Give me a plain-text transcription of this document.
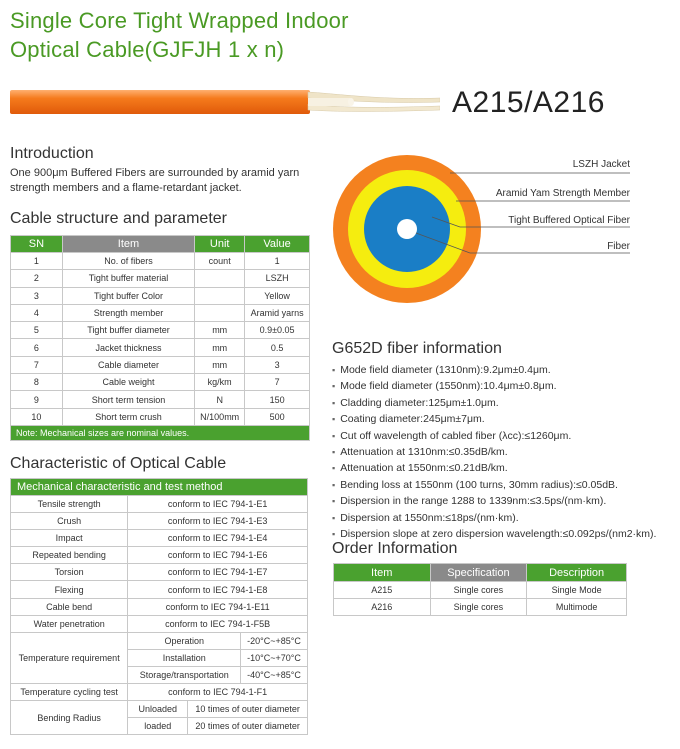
Single Core Tight Wrapped Indoor
Optical Cable(GJFJH 1 x n)
A215/A216
Introduction
One 900μm Buffered Fibers are surrounded by aramid yarn strength members and a flame-retardant jacket.
LSZH Jacket
Aramid Yam Strength Member
Tight Buffered Optical Fiber
Fiber
Cable structure and parameter
SN	Item	Unit	Value
1	No. of fibers	count	1
2	Tight buffer material		LSZH
3	Tight buffer Color		Yellow
4	Strength member		Aramid yarns
5	Tight buffer diameter	mm	0.9±0.05
6	Jacket thickness	mm	0.5
7	Cable diameter	mm	3
8	Cable weight	kg/km	7
9	Short term tension	N	150
10	Short term crush	N/100mm	500
Note: Mechanical sizes are nominal values.			
Characteristic of Optical Cable
Mechanical characteristic and test method			
Tensile strength	conform to IEC 794-1-E1		
Crush	conform to IEC 794-1-E3		
Impact	conform to IEC 794-1-E4		
Repeated bending	conform to IEC 794-1-E6		
Torsion	conform to IEC 794-1-E7		
Flexing	conform to IEC 794-1-E8		
Cable bend	conform to IEC 794-1-E11		
Water penetration	conform to IEC 794-1-F5B		
Temperature requirement	Operation		-20°C~+85°C
	Installation		-10°C~+70°C
	Storage/transportation		-40°C~+85°C
Temperature cycling test	conform to IEC 794-1-F1		
Bending Radius	Unloaded	10 times of outer diameter	
	loaded	20 times of outer diameter	
G652D fiber information
▪ Mode field diameter (1310nm):9.2μm±0.4μm.
▪ Mode field diameter (1550nm):10.4μm±0.8μm.
▪ Cladding diameter:125μm±1.0μm.
▪ Coating diameter:245μm±7μm.
▪ Cut off wavelength of cabled fiber (λcc):≤1260μm.
▪ Attenuation at 1310nm:≤0.35dB/km.
▪ Attenuation at 1550nm:≤0.21dB/km.
▪ Bending loss at 1550nm (100 turns, 30mm radius):≤0.05dB.
▪ Dispersion in the range 1288 to 1339nm:≤3.5ps/(nm·km).
▪ Dispersion at 1550nm:≤18ps/(nm·km).
▪ Dispersion slope at zero dispersion wavelength:≤0.092ps/(nm2·km).
Order Information
Item	Specification	Description
A215	Single cores	Single Mode
A216	Single cores	Multimode
